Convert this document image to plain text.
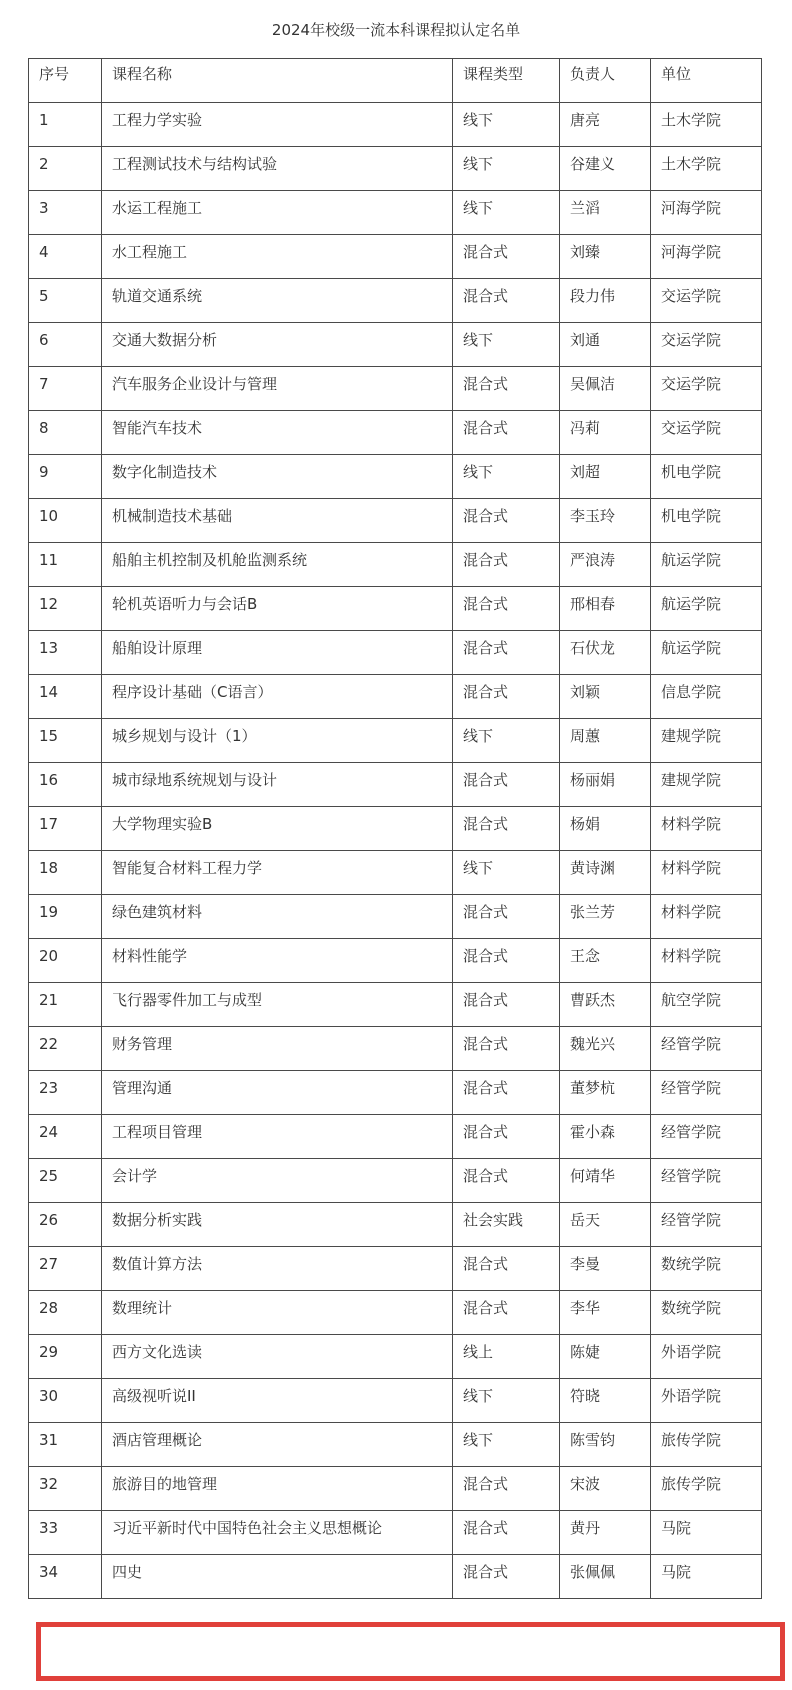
2024年校级一流本科课程拟认定名单
序号	课程名称	课程类型	负责人	单位

1	工程力学实验	线下	唐亮	土木学院

2	工程测试技术与结构试验	线下	谷建义	土木学院

3	水运工程施工	线下	兰滔	河海学院

4	水工程施工	混合式	刘臻	河海学院

5	轨道交通系统	混合式	段力伟	交运学院

6	交通大数据分析	线下	刘通	交运学院

7	汽车服务企业设计与管理	混合式	吴佩洁	交运学院

8	智能汽车技术	混合式	冯莉	交运学院

9	数字化制造技术	线下	刘超	机电学院

10	机械制造技术基础	混合式	李玉玲	机电学院

11	船舶主机控制及机舱监测系统	混合式	严浪涛	航运学院

12	轮机英语听力与会话B	混合式	邢相春	航运学院

13	船舶设计原理	混合式	石伏龙	航运学院

14	程序设计基础（C语言）	混合式	刘颖	信息学院

15	城乡规划与设计（1）	线下	周蕙	建规学院

16	城市绿地系统规划与设计	混合式	杨丽娟	建规学院

17	大学物理实验B	混合式	杨娟	材料学院

18	智能复合材料工程力学	线下	黄诗渊	材料学院

19	绿色建筑材料	混合式	张兰芳	材料学院

20	材料性能学	混合式	王念	材料学院

21	飞行器零件加工与成型	混合式	曹跃杰	航空学院

22	财务管理	混合式	魏光兴	经管学院

23	管理沟通	混合式	董梦杭	经管学院

24	工程项目管理	混合式	霍小森	经管学院

25	会计学	混合式	何靖华	经管学院

26	数据分析实践	社会实践	岳天	经管学院

27	数值计算方法	混合式	李曼	数统学院

28	数理统计	混合式	李华	数统学院

29	西方文化选读	线上	陈婕	外语学院

30	高级视听说II	线下	符晓	外语学院

31	酒店管理概论	线下	陈雪钧	旅传学院

32	旅游目的地管理	混合式	宋波	旅传学院

33	习近平新时代中国特色社会主义思想概论	混合式	黄丹	马院

34	四史	混合式	张佩佩	马院
